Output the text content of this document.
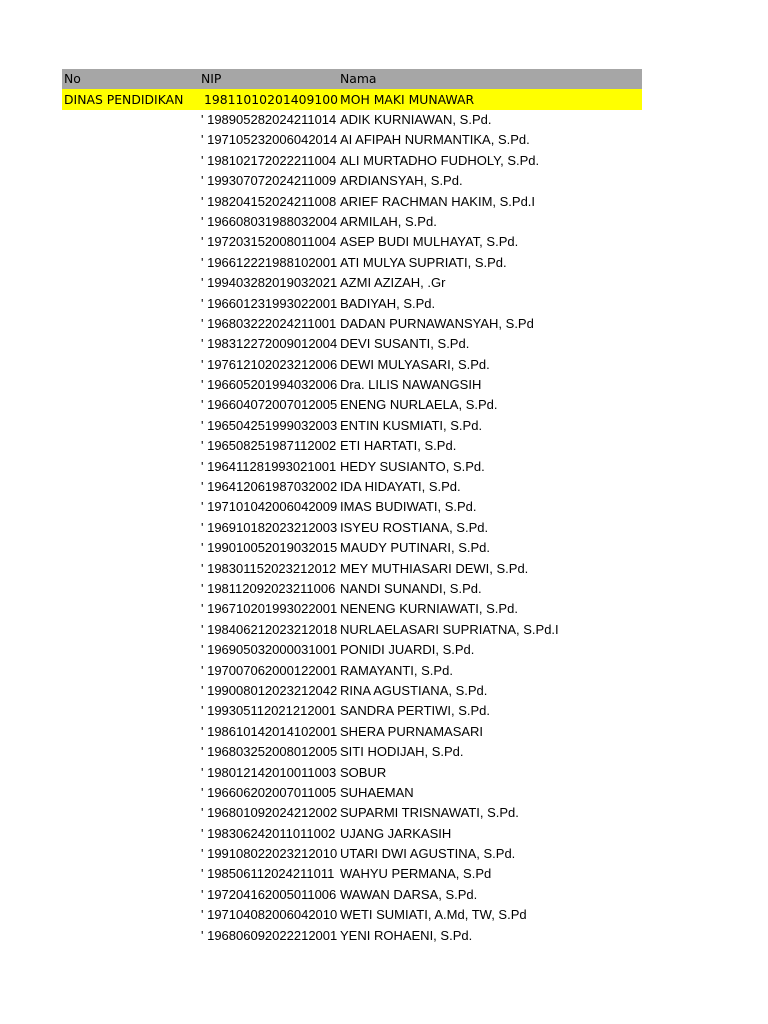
No	NIP	Nama
DINAS PENDIDIKAN 19811010201409100 MOH MAKI MUNAWAR
' 198905282024211014 ADIK KURNIAWAN, S.Pd.
' 197105232006042014 AI AFIPAH NURMANTIKA, S.Pd.
' 198102172022211004 ALI MURTADHO FUDHOLY, S.Pd.
' 199307072024211009 ARDIANSYAH, S.Pd.
' 198204152024211008 ARIEF RACHMAN HAKIM, S.Pd.I
' 196608031988032004 ARMILAH, S.Pd.
' 197203152008011004 ASEP BUDI MULHAYAT, S.Pd.
' 196612221988102001 ATI MULYA SUPRIATI, S.Pd.
' 199403282019032021 AZMI AZIZAH, .Gr
' 196601231993022001 BADIYAH, S.Pd.
' 196803222024211001 DADAN PURNAWANSYAH, S.Pd
' 198312272009012004 DEVI SUSANTI, S.Pd.
' 197612102023212006 DEWI MULYASARI, S.Pd.
' 196605201994032006 Dra. LILIS NAWANGSIH
' 196604072007012005 ENENG NURLAELA, S.Pd.
' 196504251999032003 ENTIN KUSMIATI, S.Pd.
' 196508251987112002 ETI HARTATI, S.Pd.
' 196411281993021001 HEDY SUSIANTO, S.Pd.
' 196412061987032002 IDA HIDAYATI, S.Pd.
' 197101042006042009 IMAS BUDIWATI, S.Pd.
' 196910182023212003 ISYEU ROSTIANA, S.Pd.
' 199010052019032015 MAUDY PUTINARI, S.Pd.
' 198301152023212012 MEY MUTHIASARI DEWI, S.Pd.
' 198112092023211006 NANDI SUNANDI, S.Pd.
' 196710201993022001 NENENG KURNIAWATI, S.Pd.
' 198406212023212018 NURLAELASARI SUPRIATNA, S.Pd.I
' 196905032000031001 PONIDI JUARDI, S.Pd.
' 197007062000122001 RAMAYANTI, S.Pd.
' 199008012023212042 RINA AGUSTIANA, S.Pd.
' 199305112021212001 SANDRA PERTIWI, S.Pd.
' 198610142014102001 SHERA PURNAMASARI
' 196803252008012005 SITI HODIJAH, S.Pd.
' 198012142010011003 SOBUR
' 196606202007011005 SUHAEMAN
' 196801092024212002 SUPARMI TRISNAWATI, S.Pd.
' 198306242011011002 UJANG JARKASIH
' 199108022023212010 UTARI DWI AGUSTINA, S.Pd.
' 198506112024211011 WAHYU PERMANA, S.Pd
' 197204162005011006 WAWAN DARSA, S.Pd.
' 197104082006042010 WETI SUMIATI, A.Md, TW, S.Pd
' 196806092022212001 YENI ROHAENI, S.Pd.
